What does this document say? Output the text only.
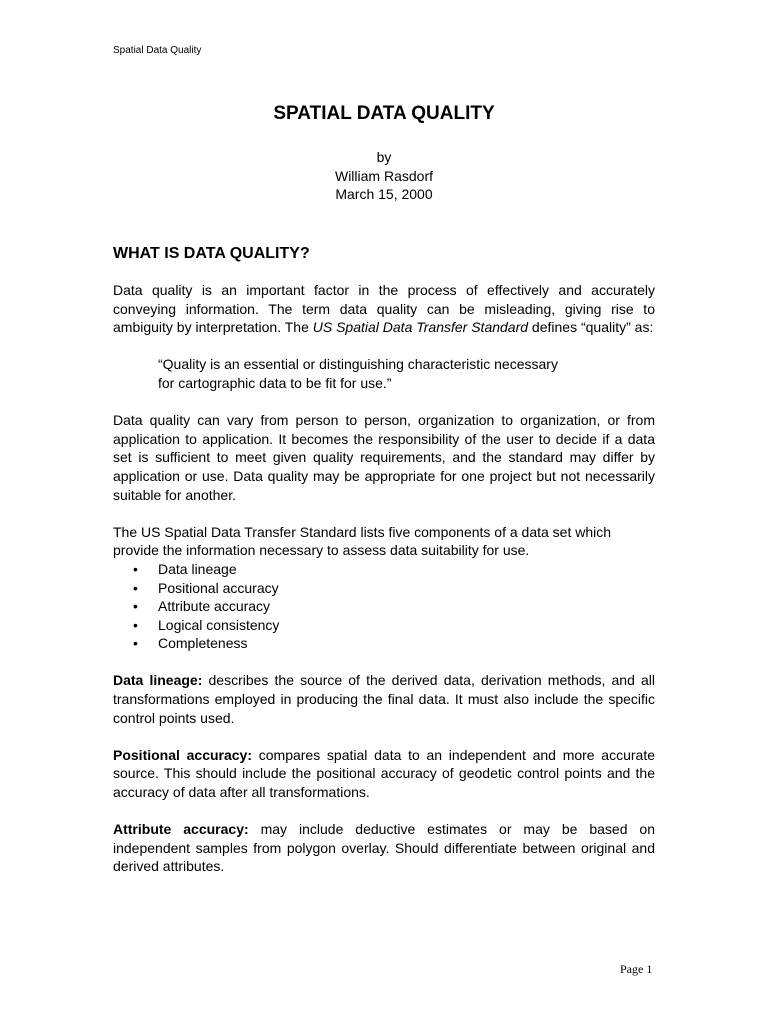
Spatial Data Quality
SPATIAL DATA QUALITY
by
William Rasdorf
March 15, 2000
WHAT IS DATA QUALITY?

Data quality is an important factor in the process of effectively and accurately conveying information. The term data quality can be misleading, giving rise to ambiguity by interpretation. The US Spatial Data Transfer Standard defines “quality” as:

“Quality is an essential or distinguishing characteristic necessary
for cartographic data to be fit for use.”

Data quality can vary from person to person, organization to organization, or from application to application. It becomes the responsibility of the user to decide if a data set is sufficient to meet given quality requirements, and the standard may differ by application or use. Data quality may be appropriate for one project but not necessarily suitable for another.

The US Spatial Data Transfer Standard lists five components of a data set which
provide the information necessary to assess data suitability for use.
• Data lineage
• Positional accuracy
• Attribute accuracy
• Logical consistency
• Completeness

Data lineage: describes the source of the derived data, derivation methods, and all transformations employed in producing the final data. It must also include the specific control points used.

Positional accuracy: compares spatial data to an independent and more accurate source. This should include the positional accuracy of geodetic control points and the accuracy of data after all transformations.

Attribute accuracy: may include deductive estimates or may be based on independent samples from polygon overlay. Should differentiate between original and derived attributes.

Page 1
